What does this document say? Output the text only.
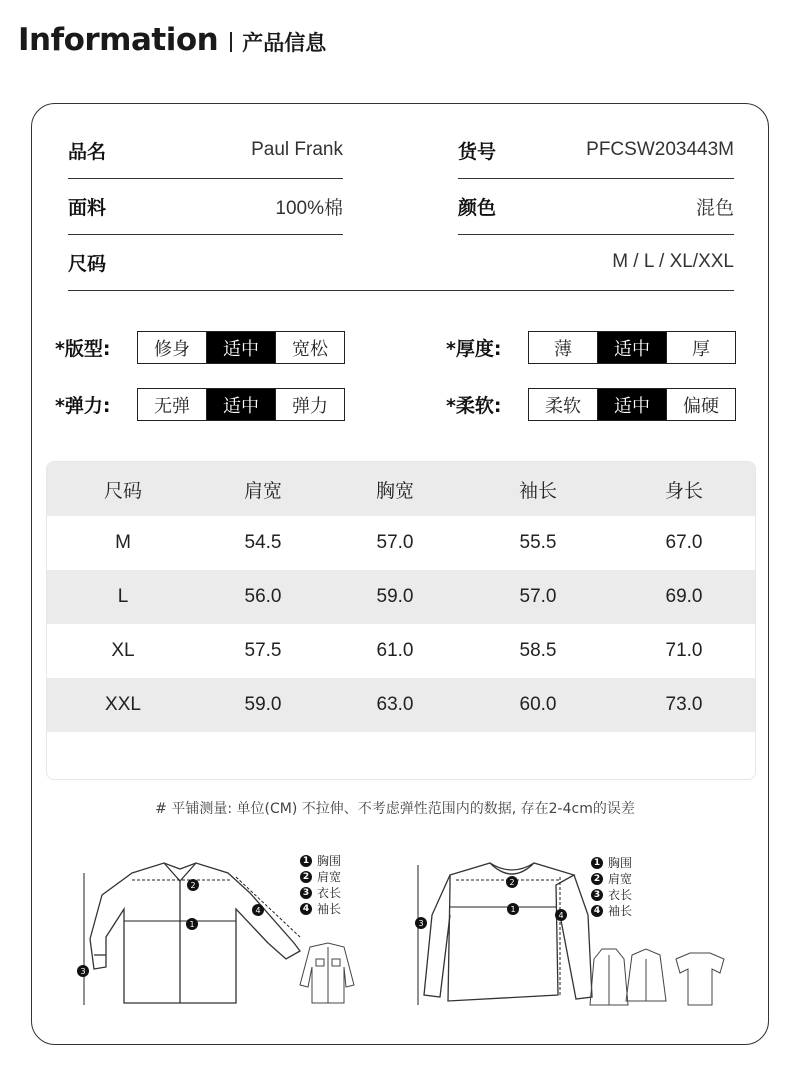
Information 产品信息
品名	Paul Frank	货号	PFCSW203443M
面料	100%棉	颜色	混色
尺码	M / L / XL/XXL
*版型:	修身	适中	宽松	*厚度:	薄	适中	厚
*弹力:	无弹	适中	弹力	*柔软:	柔软	适中	偏硬
尺码	肩宽	胸宽	袖长	身长
M	54.5	57.0	55.5	67.0
L	56.0	59.0	57.0	69.0
XL	57.5	61.0	58.5	71.0
XXL	59.0	63.0	60.0	73.0
# 平铺测量: 单位(CM) 不拉伸、不考虑弹性范围内的数据, 存在2-4cm的误差
2
1
3
4
1 胸围
2 肩宽
3 衣长
4 袖长
2
1
3
4
1 胸围
2 肩宽
3 衣长
4 袖长
